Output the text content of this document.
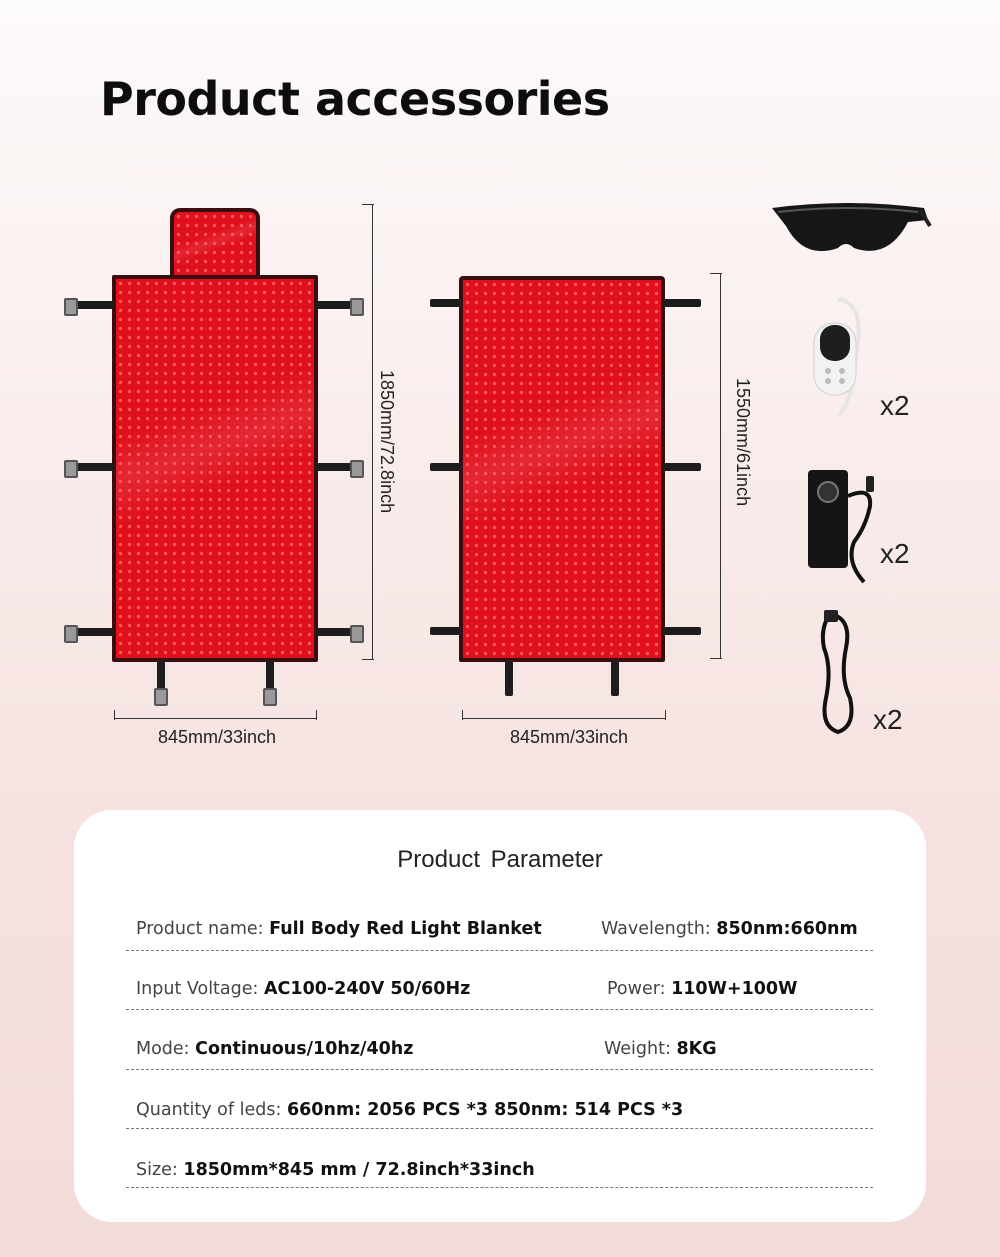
Product accessories
1850mm/72.8inch
845mm/33inch
1550mm/61inch
845mm/33inch
x2
x2
x2
Product Parameter
Product name: Full Body Red Light Blanket	Wavelength: 850nm:660nm
Input Voltage: AC100-240V 50/60Hz	Power: 110W+100W
Mode: Continuous/10hz/40hz	Weight: 8KG
Quantity of leds: 660nm: 2056 PCS *3 850nm: 514 PCS *3
Size: 1850mm*845 mm / 72.8inch*33inch
